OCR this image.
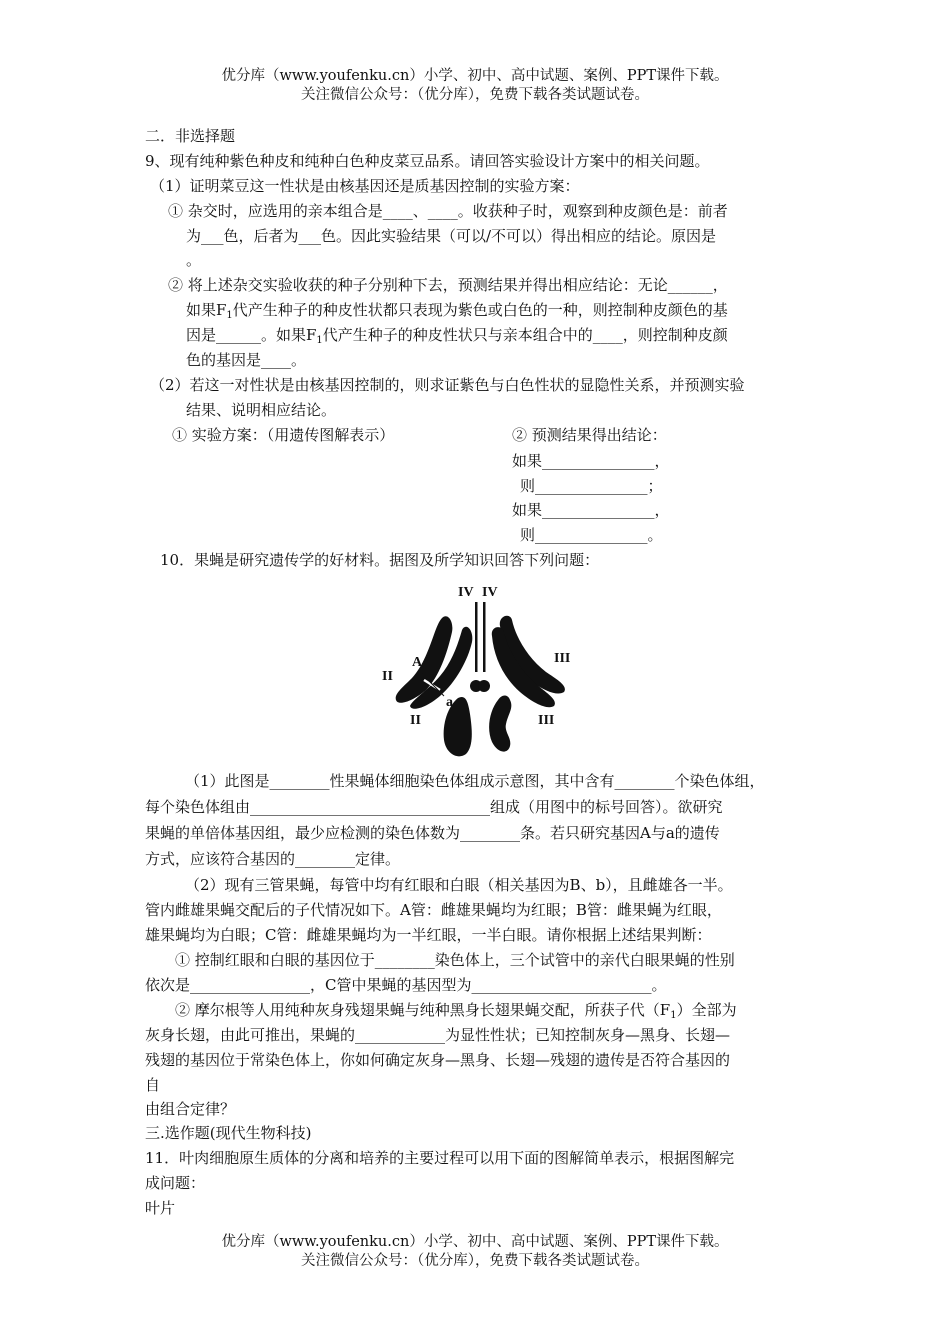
优分库（www.youfenku.cn）小学、初中、高中试题、案例、PPT课件下载。
关注微信公众号：（优分库），免费下载各类试题试卷。
二．非选择题
9、现有纯种紫色种皮和纯种白色种皮菜豆品系。请回答实验设计方案中的相关问题。
（1）证明菜豆这一性状是由核基因还是质基因控制的实验方案：
① 杂交时，应选用的亲本组合是____、____。收获种子时，观察到种皮颜色是：前者
为___色，后者为___色。因此实验结果（可以/不可以）得出相应的结论。原因是
。
② 将上述杂交实验收获的种子分别种下去，预测结果并得出相应结论：无论______，
如果$F_1$代产生种子的种皮性状都只表现为紫色或白色的一种，则控制种皮颜色的基
因是______。如果$F_1$代产生种子的种皮性状只与亲本组合中的____，则控制种皮颜
色的基因是____。
（2）若这一对性状是由核基因控制的，则求证紫色与白色性状的显隐性关系，并预测实验
结果、说明相应结论。
① 实验方案：（用遗传图解表示）	② 预测结果得出结论：
如果_______________，
则_______________；
如果_______________，
则_______________。
10．果蝇是研究遗传学的好材料。据图及所学知识回答下列问题：
IV IV
II
II
III
III
A
a
（1）此图是________性果蝇体细胞染色体组成示意图，其中含有________个染色体组，
每个染色体组由________________________________组成（用图中的标号回答）。欲研究
果蝇的单倍体基因组，最少应检测的染色体数为________条。若只研究基因A与a的遗传
方式，应该符合基因的________定律。
（2）现有三管果蝇，每管中均有红眼和白眼（相关基因为B、b），且雌雄各一半。
管内雌雄果蝇交配后的子代情况如下。A管：雌雄果蝇均为红眼；B管：雌果蝇为红眼，
雄果蝇均为白眼；C管：雌雄果蝇均为一半红眼，一半白眼。请你根据上述结果判断：
① 控制红眼和白眼的基因位于________染色体上，三个试管中的亲代白眼果蝇的性别
依次是________________，C管中果蝇的基因型为________________________。
② 摩尔根等人用纯种灰身残翅果蝇与纯种黑身长翅果蝇交配，所获子代$(F_1)$全部为
灰身长翅，由此可推出，果蝇的____________为显性性状；已知控制灰身—黑身、长翅—
残翅的基因位于常染色体上，你如何确定灰身—黑身、长翅—残翅的遗传是否符合基因的
自
由组合定律？
三.选作题(现代生物科技)
11．叶肉细胞原生质体的分离和培养的主要过程可以用下面的图解简单表示，根据图解完
成问题：
叶片
优分库（www.youfenku.cn）小学、初中、高中试题、案例、PPT课件下载。
关注微信公众号：（优分库），免费下载各类试题试卷。
